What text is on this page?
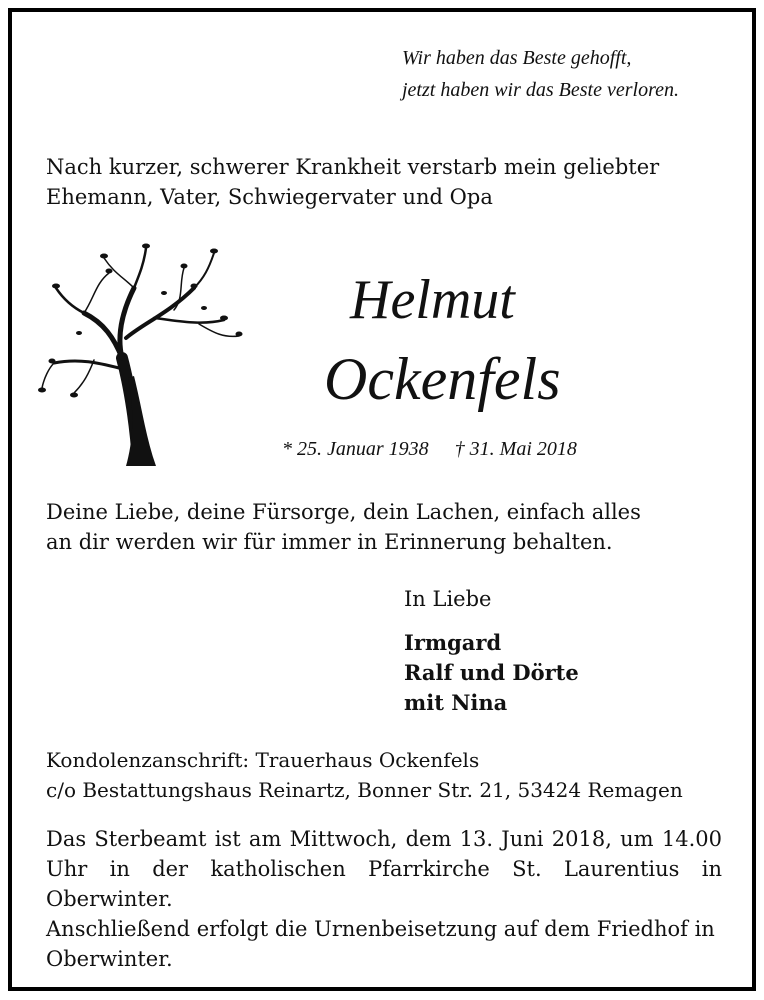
Wir haben das Beste gehofft,
jetzt haben wir das Beste verloren.
Nach kurzer, schwerer Krankheit verstarb mein geliebter
Ehemann, Vater, Schwiegervater und Opa
Helmut
Ockenfels
* 25. Januar 1938 † 31. Mai 2018
Deine Liebe, deine Fürsorge, dein Lachen, einfach alles
an dir werden wir für immer in Erinnerung behalten.
In Liebe
Irmgard
Ralf und Dörte
mit Nina
Kondolenzanschrift: Trauerhaus Ockenfels
c/o Bestattungshaus Reinartz, Bonner Str. 21, 53424 Remagen
Das Sterbeamt ist am Mittwoch, dem 13. Juni 2018, um 14.00 Uhr in der katholischen Pfarrkirche St. Laurentius in Oberwinter.
Anschließend erfolgt die Urnenbeisetzung auf dem Friedhof in Oberwinter.
